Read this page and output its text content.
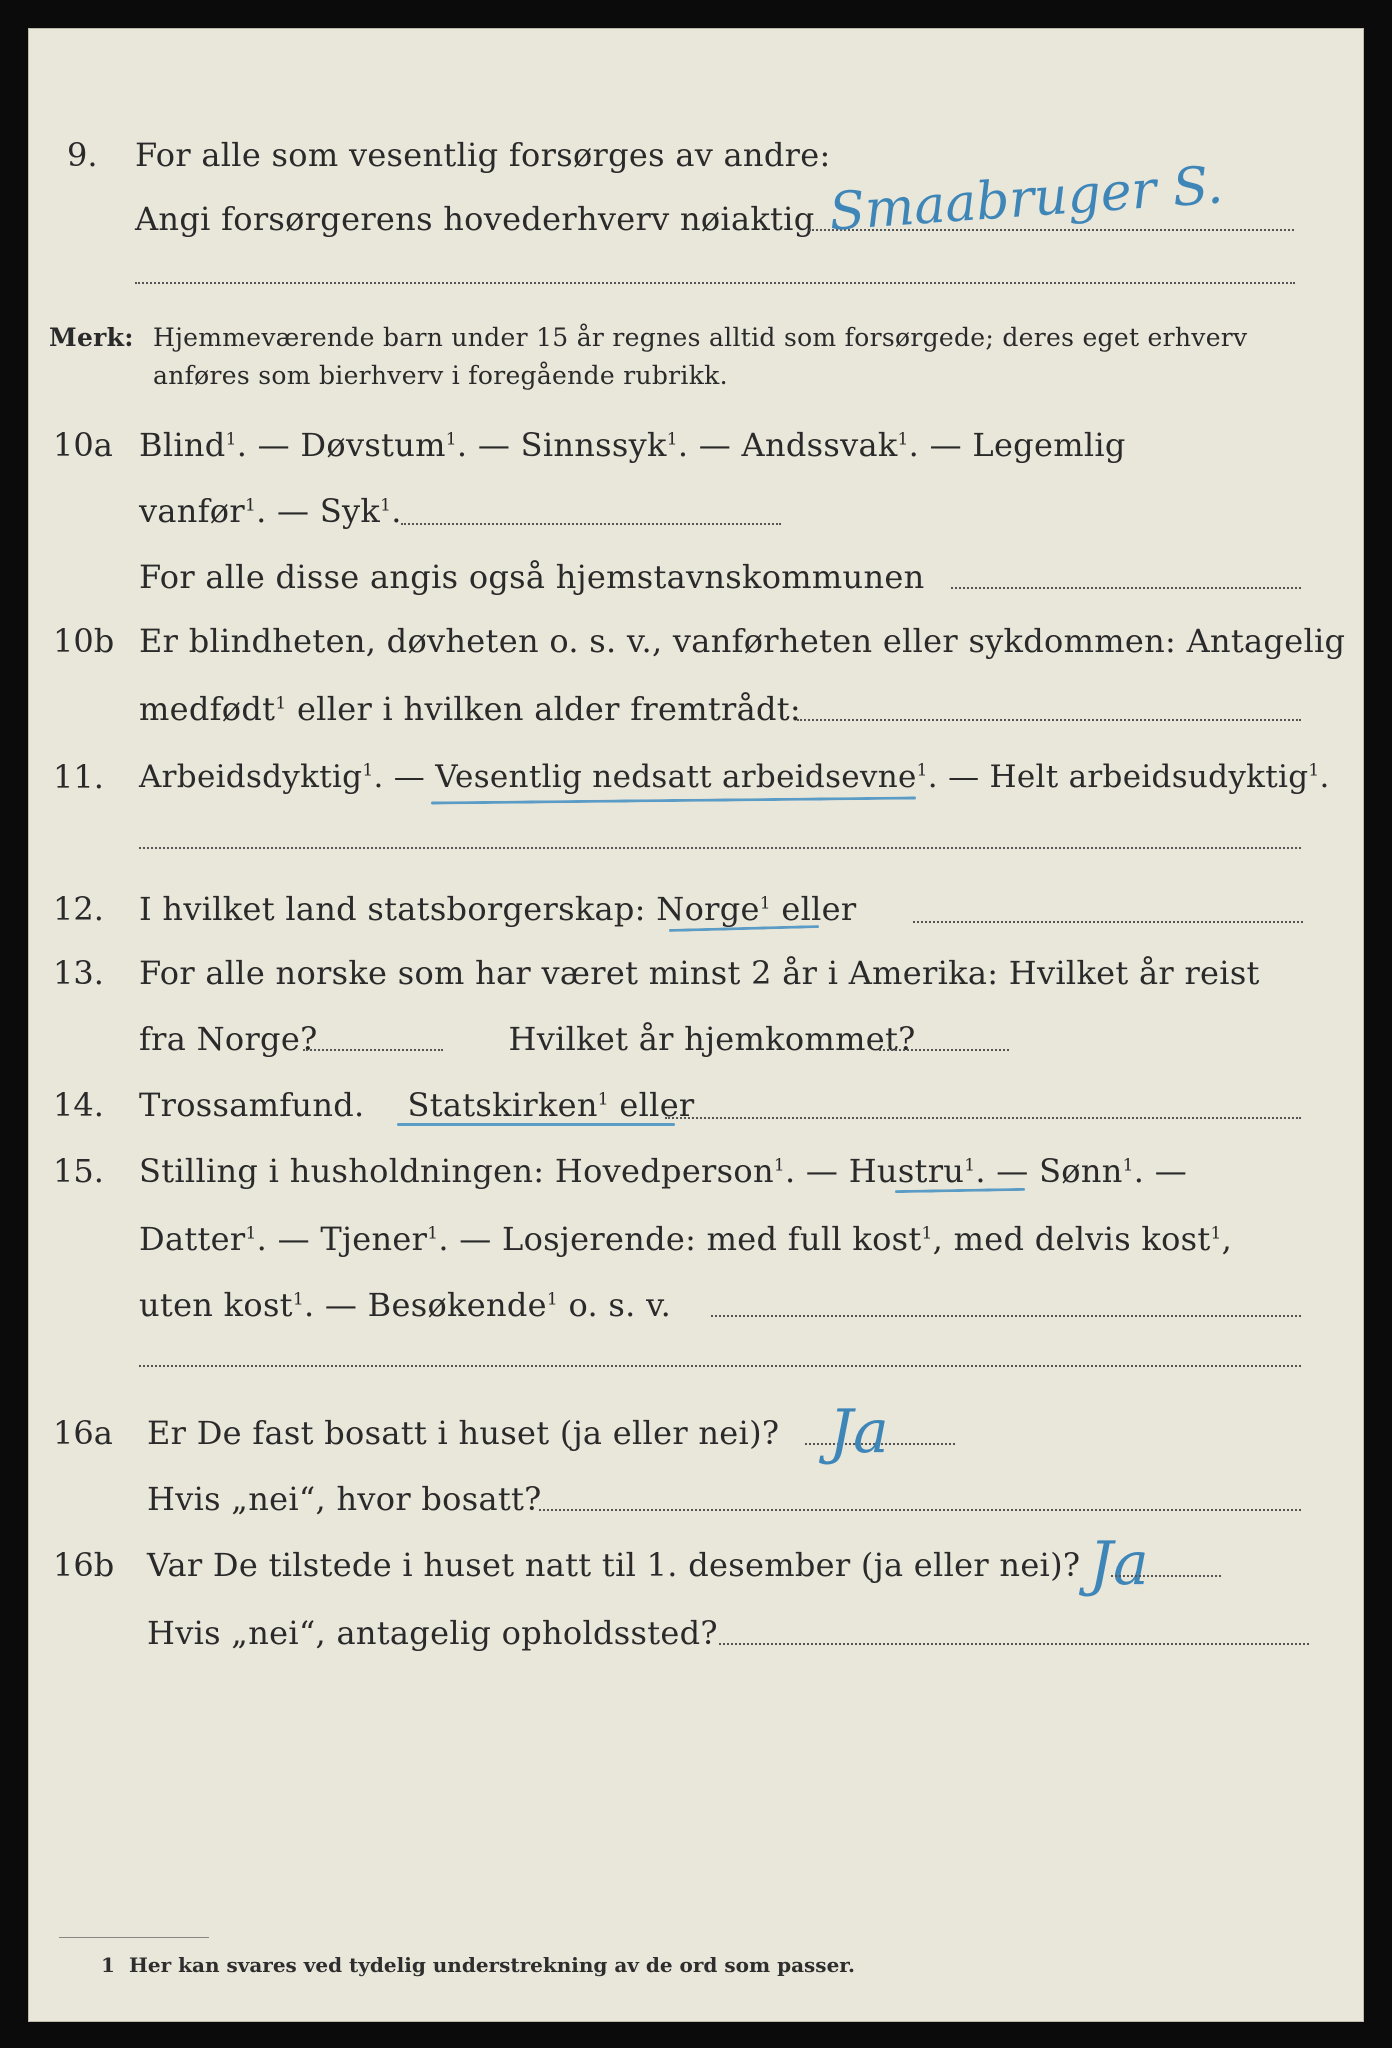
9. For alle som vesentlig forsørges av andre:
Angi forsørgerens hovederhverv nøiaktig Smaabruger S.
Merk: Hjemmeværende barn under 15 år regnes alltid som forsørgede; deres eget erhverv
anføres som bierhverv i foregående rubrikk.
10a Blind$^1$. — Døvstum$^1$. — Sinnssyk$^1$. — Andssvak$^1$. — Legemlig
vanfør$^1$. — Syk$^1$.
For alle disse angis også hjemstavnskommunen
10b Er blindheten, døvheten o. s. v., vanførheten eller sykdommen: Antagelig
medfødt$^1$ eller i hvilken alder fremtrådt:
11. Arbeidsdyktig$^1$. — Vesentlig nedsatt arbeidsevne$^1$. — Helt arbeidsudyktig$^1$.
12. I hvilket land statsborgerskap: Norge$^1$ eller
13. For alle norske som har været minst 2 år i Amerika: Hvilket år reist
fra Norge?	Hvilket år hjemkommet?
14. Trossamfund. Statskirken$^1$ eller
15. Stilling i husholdningen: Hovedperson$^1$. — Hustru$^1$. — Sønn$^1$. —
Datter$^1$. — Tjener$^1$. — Losjerende: med full kost$^1$, med delvis kost$^1$,
uten kost$^1$. — Besøkende$^1$ o. s. v.
16a Er De fast bosatt i huset (ja eller nei)? Ja
Hvis „nei“, hvor bosatt?
16b Var De tilstede i huset natt til 1. desember (ja eller nei)? Ja
Hvis „nei“, antagelig opholdssted?
1 Her kan svares ved tydelig understrekning av de ord som passer.
